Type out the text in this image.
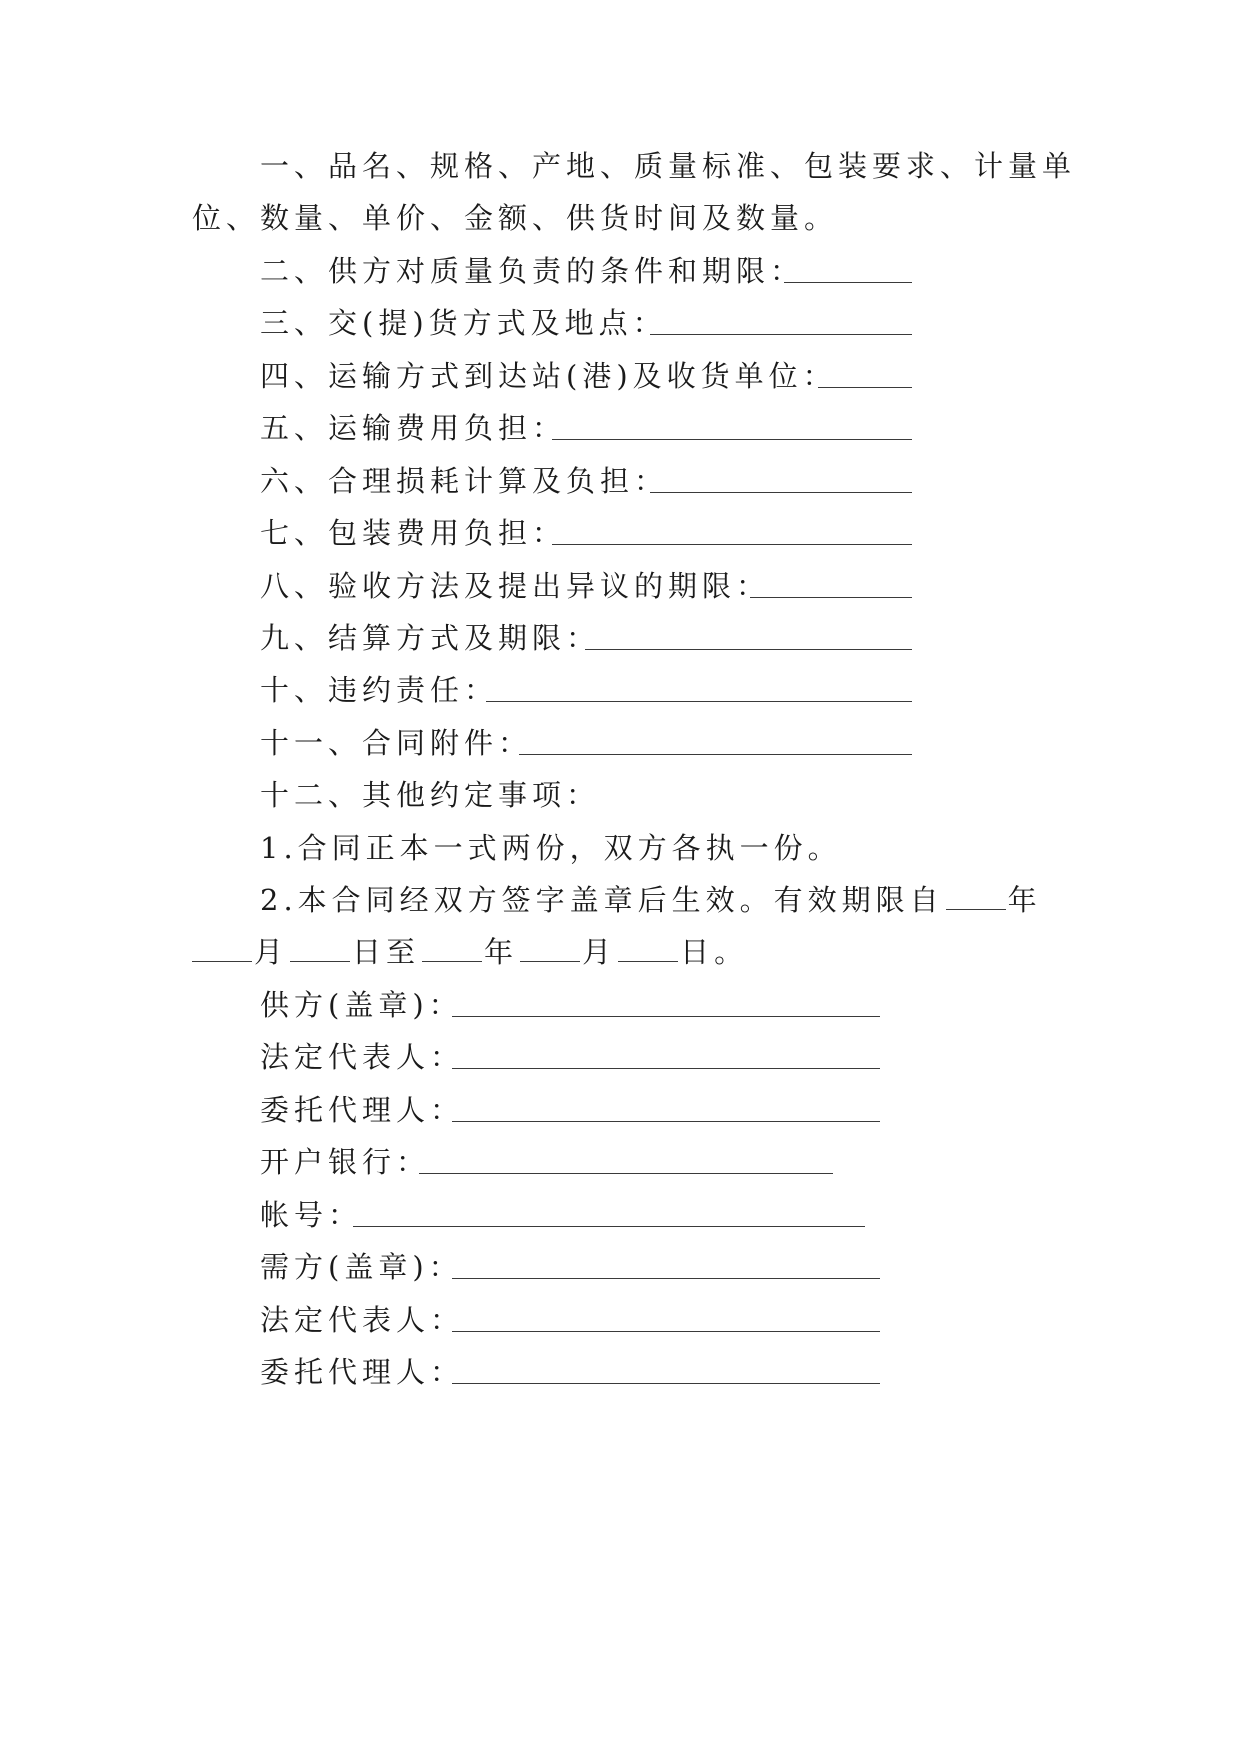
一、品名、规格、产地、质量标准、包装要求、计量单
位、数量、单价、金额、供货时间及数量。
二、供方对质量负责的条件和期限：
三、交(提)货方式及地点：
四、运输方式到达站(港)及收货单位：
五、运输费用负担：
六、合理损耗计算及负担：
七、包装费用负担：
八、验收方法及提出异议的期限：
九、结算方式及期限：
十、违约责任：
十一、合同附件：
十二、其他约定事项：
1.合同正本一式两份，双方各执一份。
2.本合同经双方签字盖章后生效。有效期限自 年
月 日至 年 月 日。
供方(盖章)：
法定代表人：
委托代理人：
开户银行：
帐号：
需方(盖章)：
法定代表人：
委托代理人：
